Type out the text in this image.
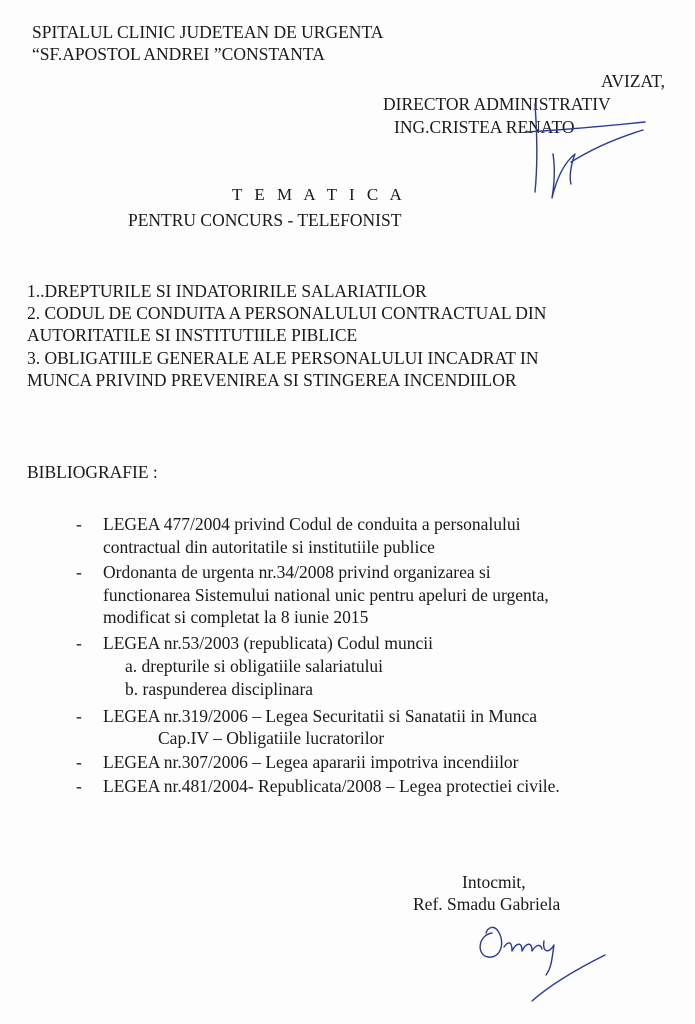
SPITALUL CLINIC JUDETEAN DE URGENTA
“SF.APOSTOL ANDREI ”CONSTANTA
AVIZAT,
DIRECTOR ADMINISTRATIV
ING.CRISTEA RENATO
T E M A T I C A
PENTRU CONCURS - TELEFONIST
1..DREPTURILE SI INDATORIRILE SALARIATILOR
2. CODUL DE CONDUITA A PERSONALULUI CONTRACTUAL DIN
AUTORITATILE SI INSTITUTIILE PIBLICE
3. OBLIGATIILE GENERALE ALE PERSONALULUI INCADRAT IN
MUNCA PRIVIND PREVENIREA SI STINGEREA INCENDIILOR
BIBLIOGRAFIE :
- LEGEA 477/2004 privind Codul de conduita a personalului
contractual din autoritatile si institutiile publice
- Ordonanta de urgenta nr.34/2008 privind organizarea si
functionarea Sistemului national unic pentru apeluri de urgenta,
modificat si completat la 8 iunie 2015
- LEGEA nr.53/2003 (republicata) Codul muncii
a. drepturile si obligatiile salariatului
b. raspunderea disciplinara
- LEGEA nr.319/2006 – Legea Securitatii si Sanatatii in Munca
Cap.IV – Obligatiile lucratorilor
- LEGEA nr.307/2006 – Legea apararii impotriva incendiilor
- LEGEA nr.481/2004- Republicata/2008 – Legea protectiei civile.
Intocmit,
Ref. Smadu Gabriela
